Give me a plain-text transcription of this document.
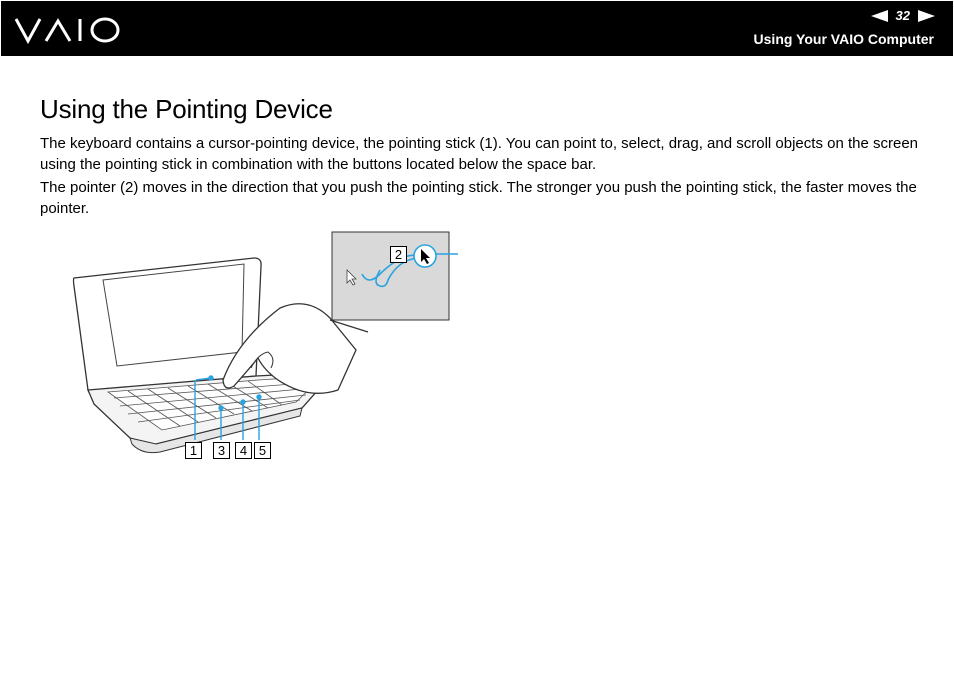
32
Using Your VAIO Computer
Using the Pointing Device

The keyboard contains a cursor-pointing device, the pointing stick (1). You can point to, select, drag, and scroll objects on the screen using the pointing stick in combination with the buttons located below the space bar.

The pointer (2) moves in the direction that you push the pointing stick. The stronger you push the pointing stick, the faster moves the pointer.

2
1	3	4 5
